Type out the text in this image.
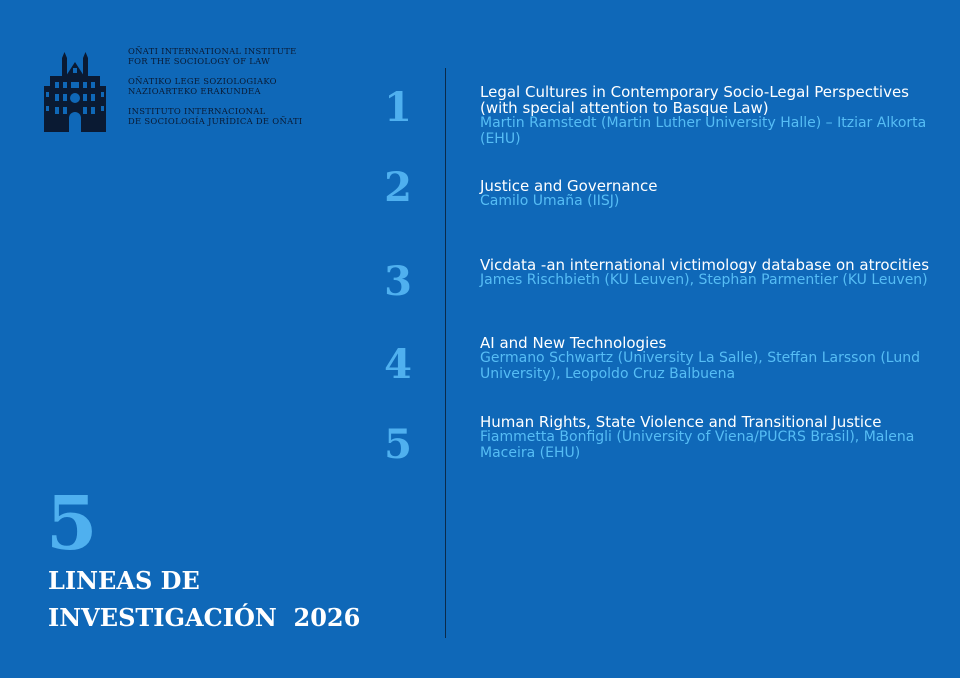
OÑATI INTERNATIONAL INSTITUTE
FOR THE SOCIOLOGY OF LAW
OÑATIKO LEGE SOZIOLOGIAKO
NAZIOARTEKO ERAKUNDEA
INSTITUTO INTERNACIONAL
DE SOCIOLOGÍA JURÍDICA DE OÑATI	1	Legal Cultures in Contemporary Socio-Legal Perspectives (with special attention to Basque Law)
Martin Ramstedt (Martin Luther University Halle) – Itziar Alkorta (EHU)
2	Justice and Governance
Camilo Umaña (IISJ)
3	Vicdata -an international victimology database on atrocities
James Rischbieth (KU Leuven), Stephan Parmentier (KU Leuven)
4	AI and New Technologies
Germano Schwartz (University La Salle), Steffan Larsson (Lund University), Leopoldo Cruz Balbuena
5	Human Rights, State Violence and Transitional Justice
Fiammetta Bonfigli (University of Viena/PUCRS Brasil), Malena Maceira (EHU)
5
LINEAS DE
INVESTIGACIÓN  2026
